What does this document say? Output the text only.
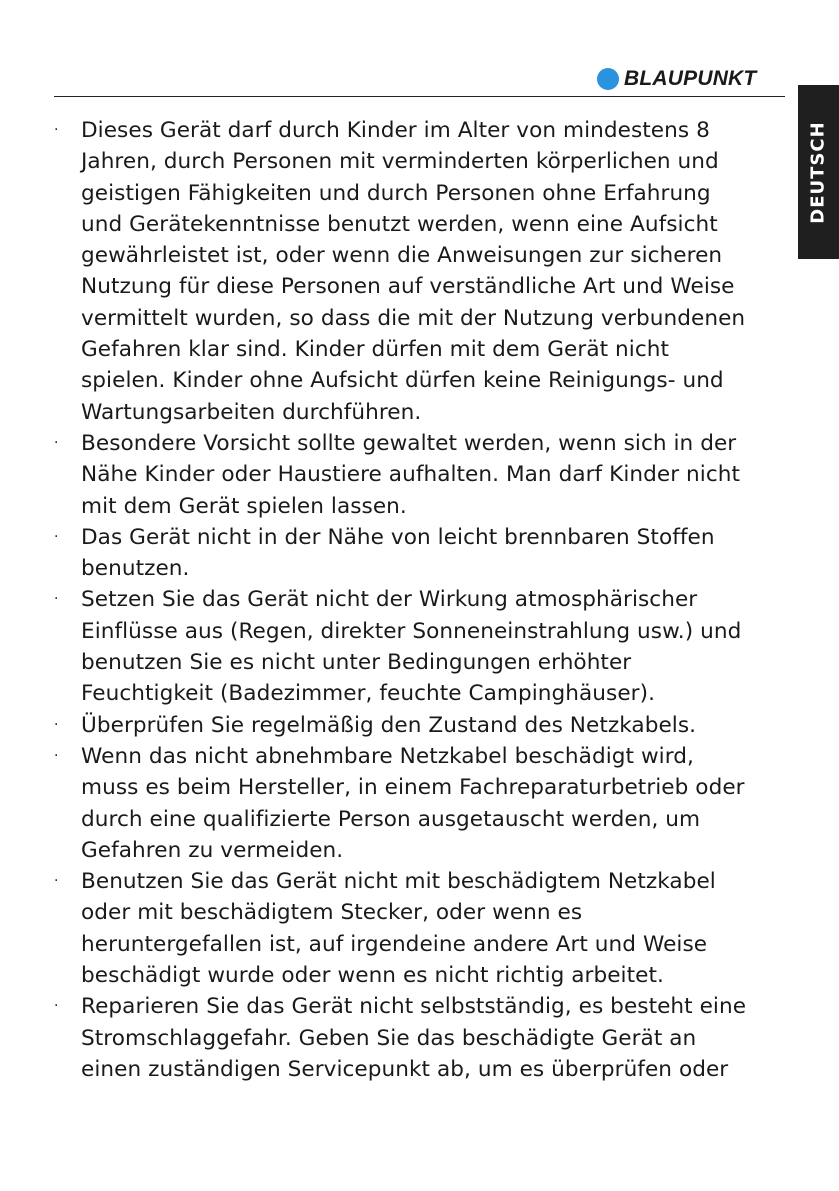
BLAUPUNKT
DEUTSCH
· Dieses Gerät darf durch Kinder im Alter von mindestens 8
Jahren, durch Personen mit verminderten körperlichen und
geistigen Fähigkeiten und durch Personen ohne Erfahrung
und Gerätekenntnisse benutzt werden, wenn eine Aufsicht
gewährleistet ist, oder wenn die Anweisungen zur sicheren
Nutzung für diese Personen auf verständliche Art und Weise
vermittelt wurden, so dass die mit der Nutzung verbundenen
Gefahren klar sind. Kinder dürfen mit dem Gerät nicht
spielen. Kinder ohne Aufsicht dürfen keine Reinigungs- und
Wartungsarbeiten durchführen.
· Besondere Vorsicht sollte gewaltet werden, wenn sich in der
Nähe Kinder oder Haustiere aufhalten. Man darf Kinder nicht
mit dem Gerät spielen lassen.
· Das Gerät nicht in der Nähe von leicht brennbaren Stoffen
benutzen.
· Setzen Sie das Gerät nicht der Wirkung atmosphärischer
Einflüsse aus (Regen, direkter Sonneneinstrahlung usw.) und
benutzen Sie es nicht unter Bedingungen erhöhter
Feuchtigkeit (Badezimmer, feuchte Campinghäuser).
· Überprüfen Sie regelmäßig den Zustand des Netzkabels.
· Wenn das nicht abnehmbare Netzkabel beschädigt wird,
muss es beim Hersteller, in einem Fachreparaturbetrieb oder
durch eine qualifizierte Person ausgetauscht werden, um
Gefahren zu vermeiden.
· Benutzen Sie das Gerät nicht mit beschädigtem Netzkabel
oder mit beschädigtem Stecker, oder wenn es
heruntergefallen ist, auf irgendeine andere Art und Weise
beschädigt wurde oder wenn es nicht richtig arbeitet.
· Reparieren Sie das Gerät nicht selbstständig, es besteht eine
Stromschlaggefahr. Geben Sie das beschädigte Gerät an
einen zuständigen Servicepunkt ab, um es überprüfen oder
